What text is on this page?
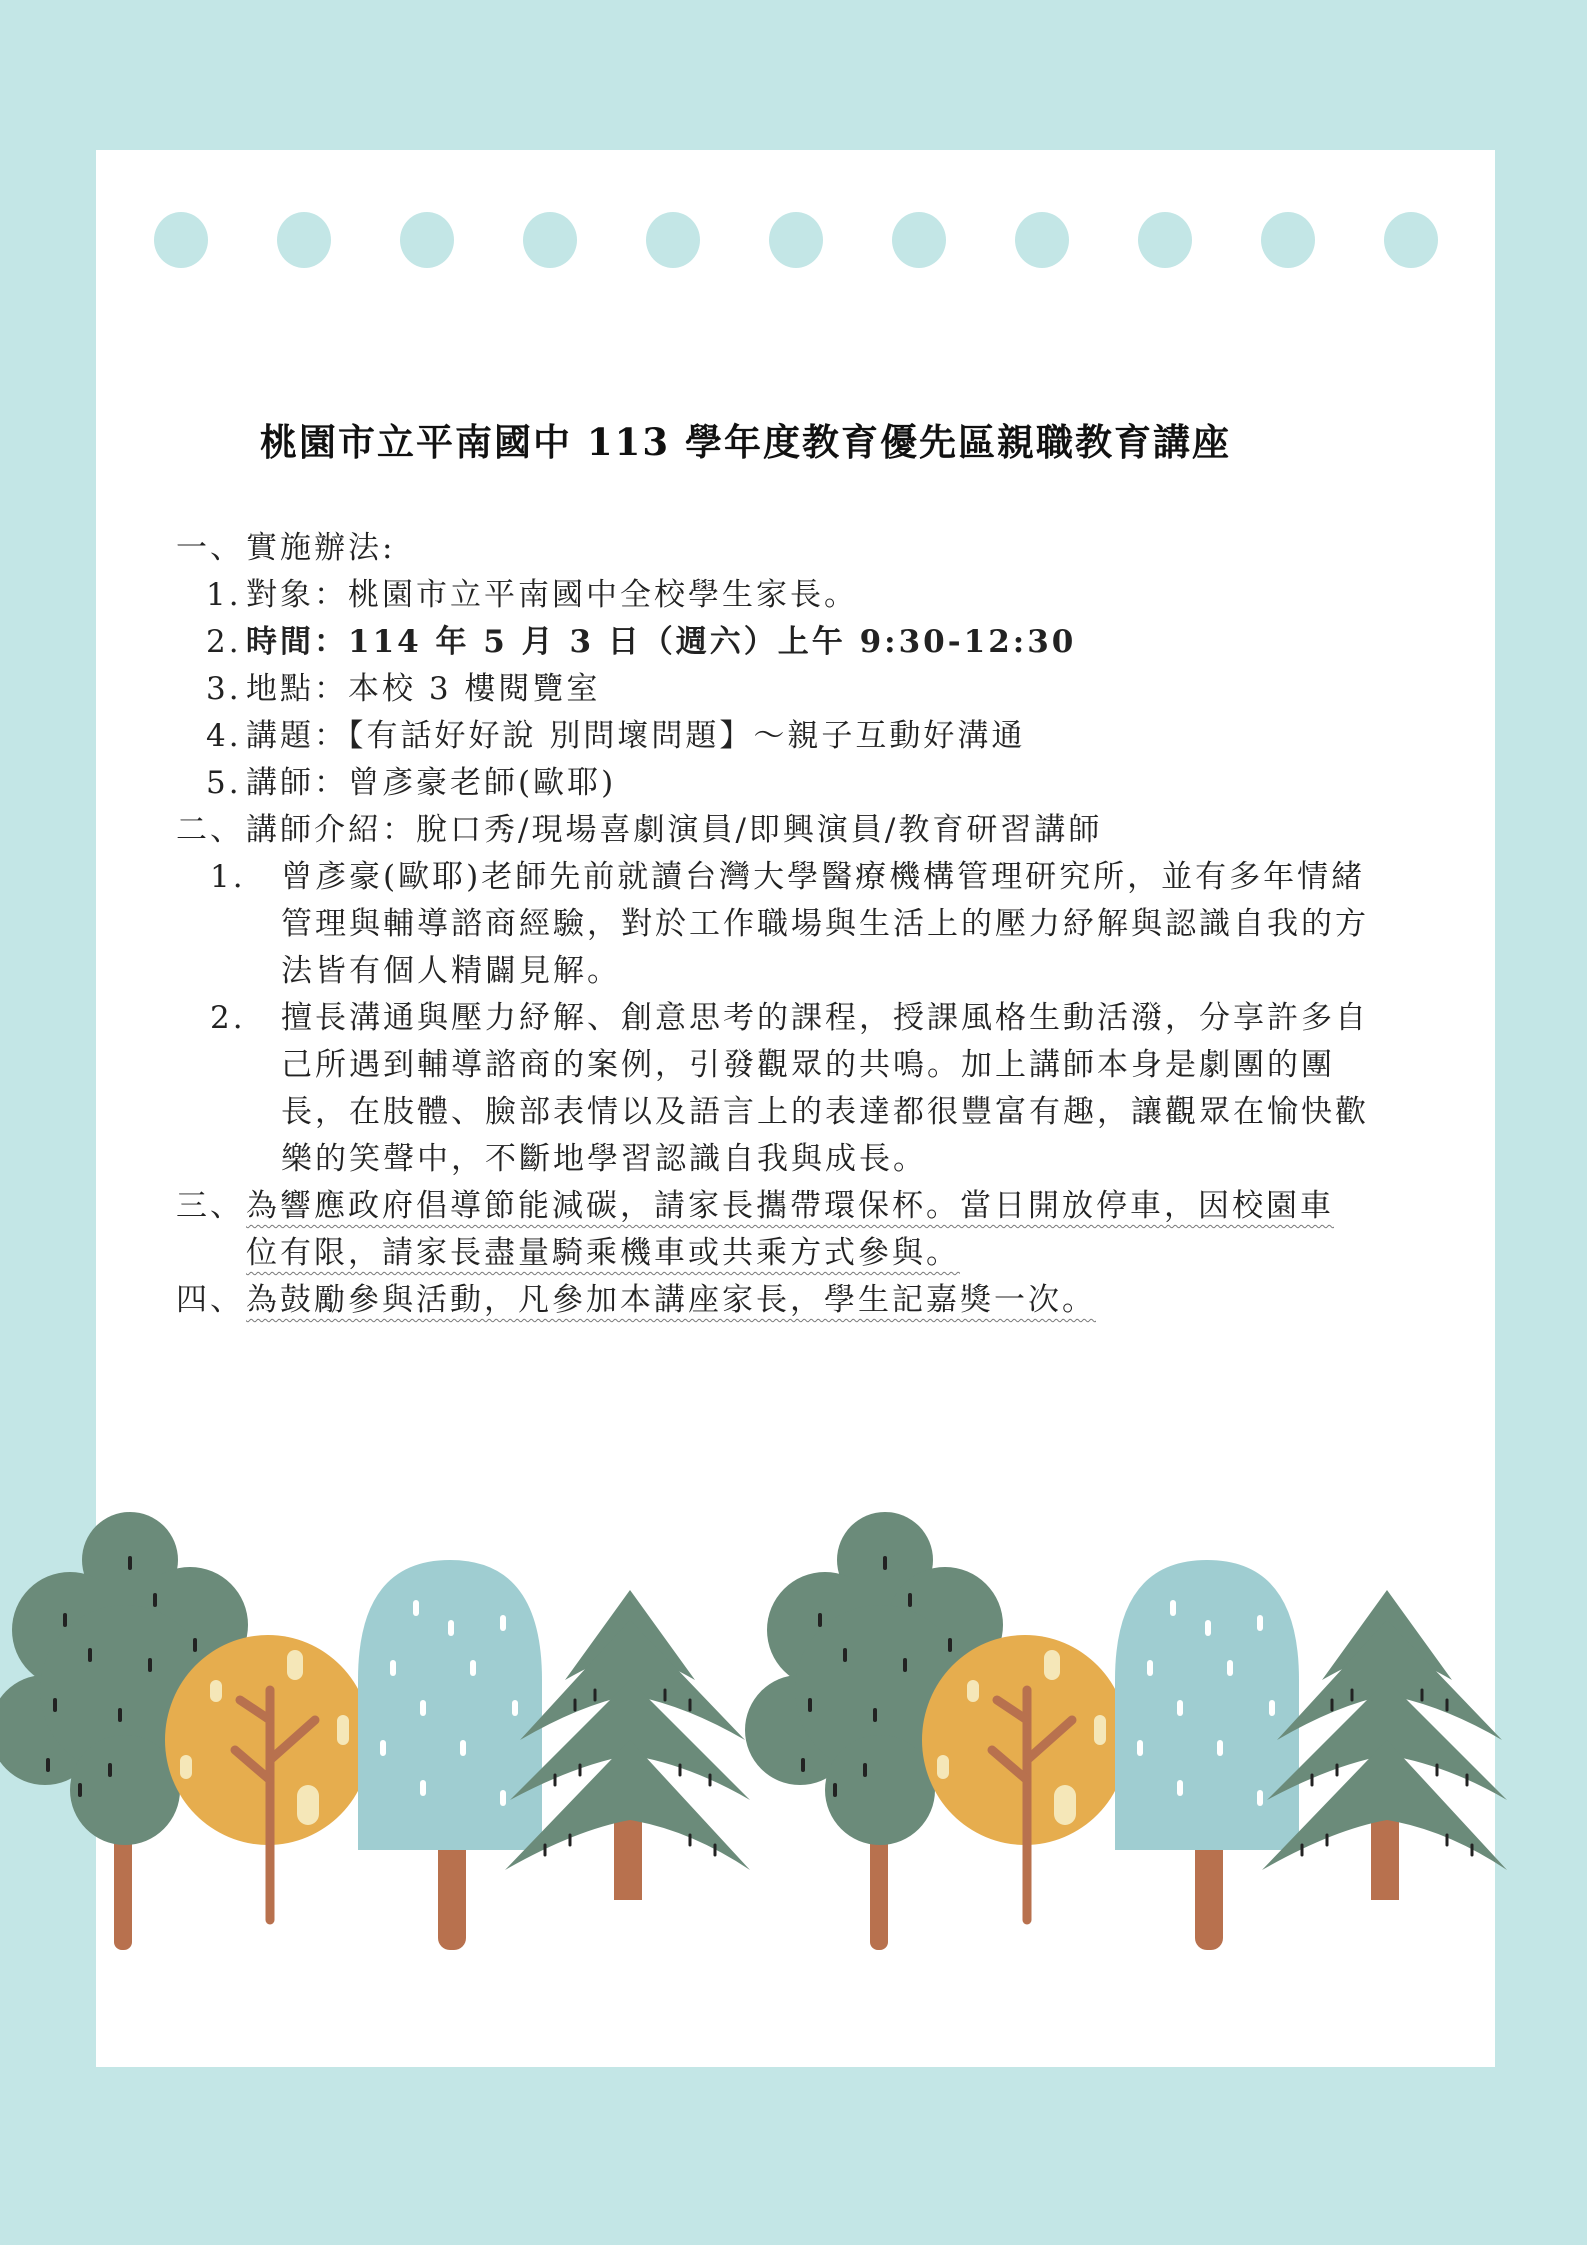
桃園市立平南國中 113 學年度教育優先區親職教育講座
一、 實施辦法:
1. 對象：桃園市立平南國中全校學生家長。
2. 時間：114 年 5 月 3 日（週六）上午 9:30-12:30
3. 地點：本校 3 樓閱覽室
4. 講題：【有話好好說 別問壞問題】～親子互動好溝通
5. 講師：曾彥豪老師(歐耶)
二、 講師介紹：脫口秀/現場喜劇演員/即興演員/教育研習講師
1. 曾彥豪(歐耶)老師先前就讀台灣大學醫療機構管理研究所，並有多年情緒
管理與輔導諮商經驗，對於工作職場與生活上的壓力紓解與認識自我的方
法皆有個人精闢見解。
2. 擅長溝通與壓力紓解、創意思考的課程，授課風格生動活潑，分享許多自
己所遇到輔導諮商的案例，引發觀眾的共鳴。加上講師本身是劇團的團
長，在肢體、臉部表情以及語言上的表達都很豐富有趣，讓觀眾在愉快歡
樂的笑聲中，不斷地學習認識自我與成長。
三、 為響應政府倡導節能減碳，請家長攜帶環保杯。當日開放停車，因校園車
位有限，請家長盡量騎乘機車或共乘方式參與。
四、 為鼓勵參與活動，凡參加本講座家長，學生記嘉獎一次。
